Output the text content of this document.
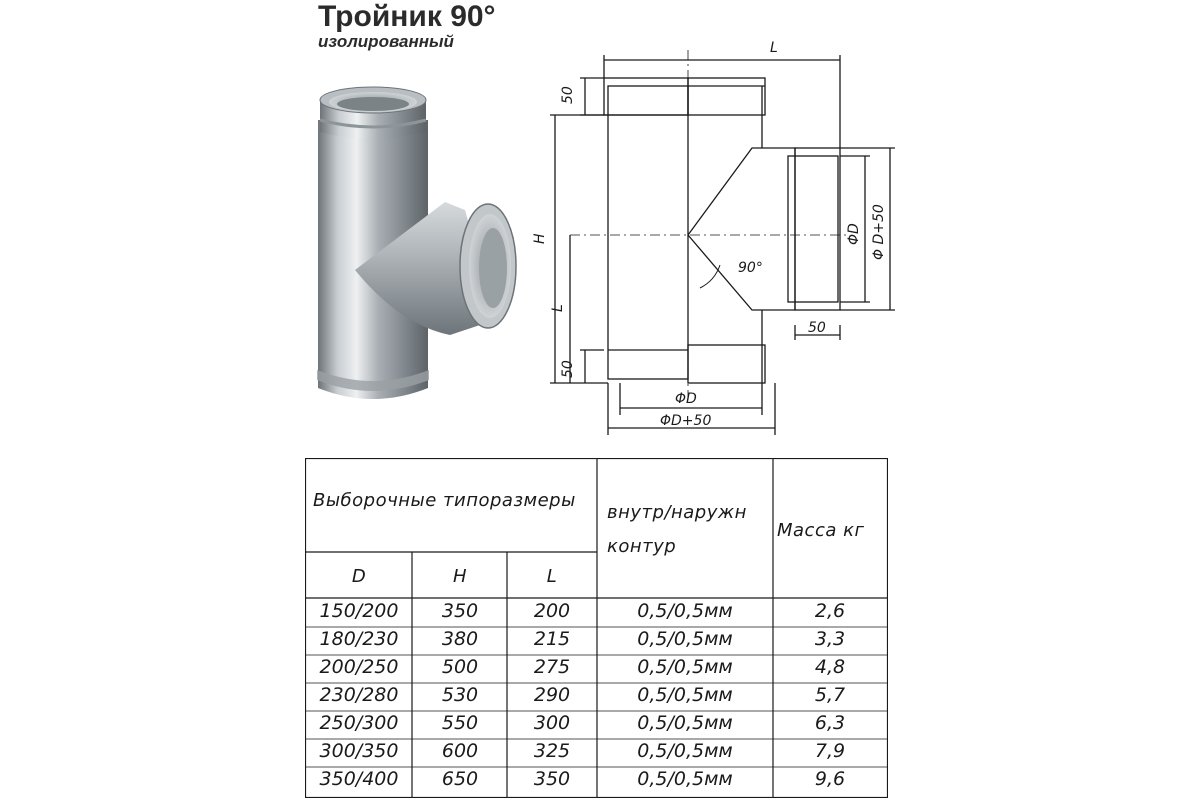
Тройник 90°
изолированный	L
50
H
L
50
90°
ΦD Φ D+50
50
ΦD
ΦD+50
Выборочные типоразмеры
внутр/наружн
контур
Масса кг
D	H	L
150/200 350	200	0,5/0,5мм	2,6
180/230 380	215	0,5/0,5мм	3,3
200/250 500	275	0,5/0,5мм	4,8
230/280 530	290	0,5/0,5мм	5,7
250/300 550	300	0,5/0,5мм	6,3
300/350 600	325	0,5/0,5мм	7,9
350/400 650	350	0,5/0,5мм	9,6
